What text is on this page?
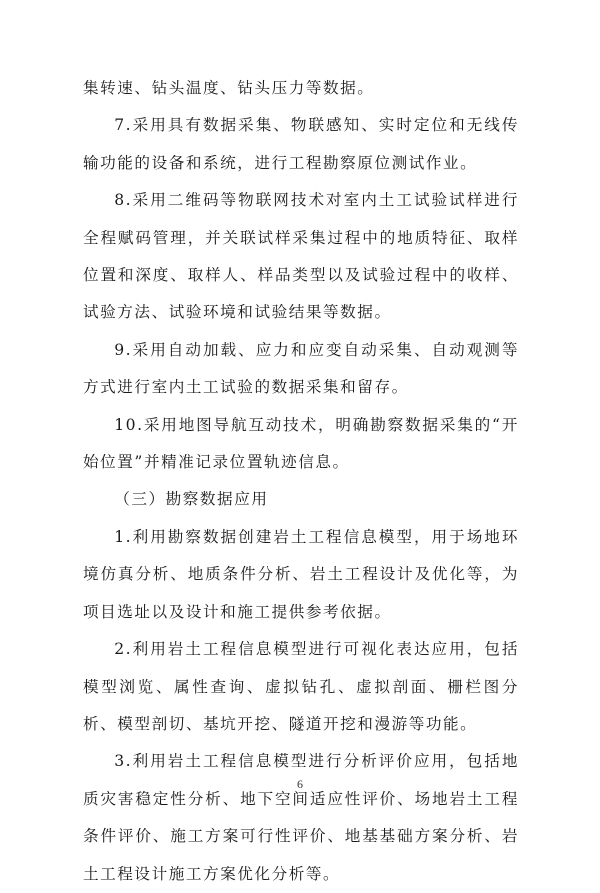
集转速、钻头温度、钻头压力等数据。

7.采用具有数据采集、物联感知、实时定位和无线传输功能的设备和系统，进行工程勘察原位测试作业。

8.采用二维码等物联网技术对室内土工试验试样进行全程赋码管理，并关联试样采集过程中的地质特征、取样位置和深度、取样人、样品类型以及试验过程中的收样、试验方法、试验环境和试验结果等数据。

9.采用自动加载、应力和应变自动采集、自动观测等方式进行室内土工试验的数据采集和留存。

10.采用地图导航互动技术，明确勘察数据采集的“开始位置”并精准记录位置轨迹信息。

（三）勘察数据应用

1.利用勘察数据创建岩土工程信息模型，用于场地环境仿真分析、地质条件分析、岩土工程设计及优化等，为项目选址以及设计和施工提供参考依据。

2.利用岩土工程信息模型进行可视化表达应用，包括模型浏览、属性查询、虚拟钻孔、虚拟剖面、栅栏图分析、模型剖切、基坑开挖、隧道开挖和漫游等功能。

3.利用岩土工程信息模型进行分析评价应用，包括地质灾害稳定性分析、地下空间适应性评价、场地岩土工程条件评价、施工方案可行性评价、地基基础方案分析、岩土工程设计施工方案优化分析等。

6
